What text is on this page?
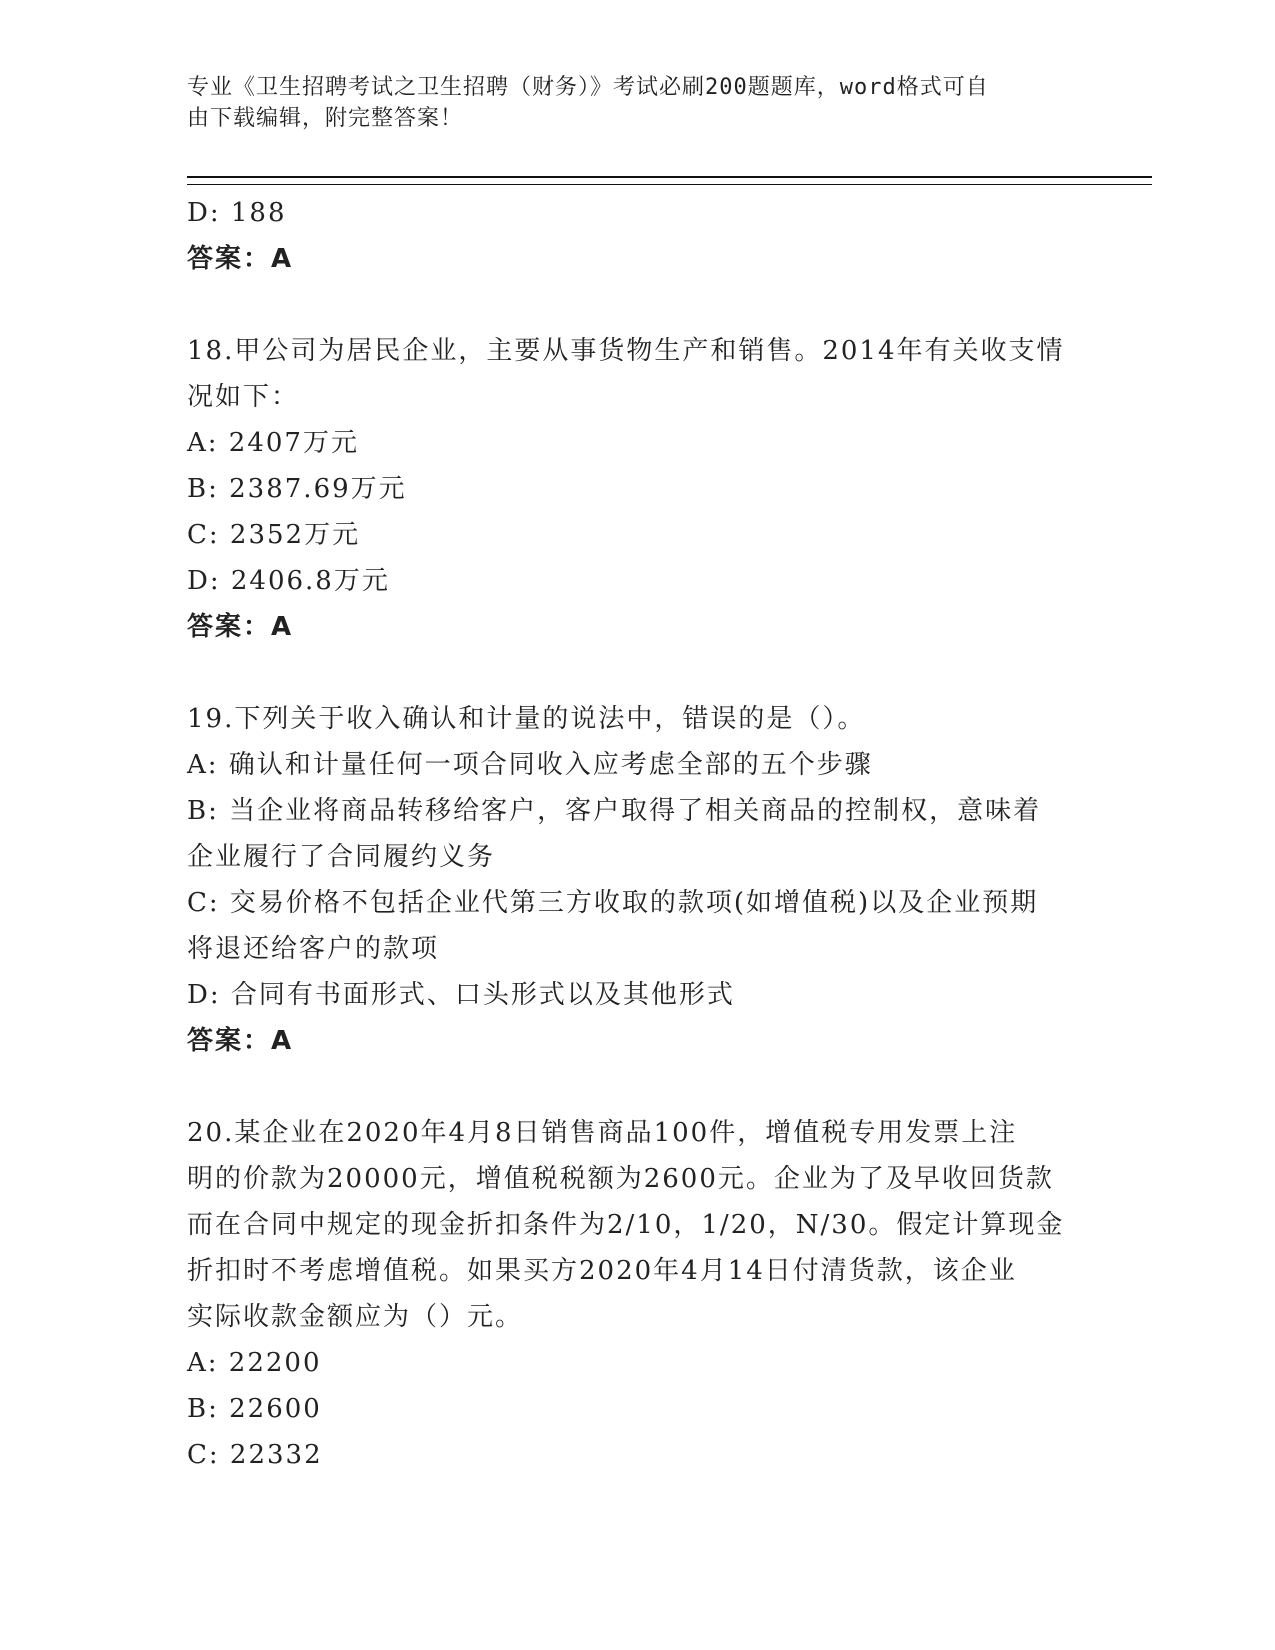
专业《卫生招聘考试之卫生招聘（财务）》考试必刷200题题库，word格式可自
由下载编辑，附完整答案！
D: 188
答案：A
18.甲公司为居民企业，主要从事货物生产和销售。2014年有关收支情
况如下：
A: 2407万元
B: 2387.69万元
C: 2352万元
D: 2406.8万元
答案：A
19.下列关于收入确认和计量的说法中，错误的是（）。
A: 确认和计量任何一项合同收入应考虑全部的五个步骤
B: 当企业将商品转移给客户，客户取得了相关商品的控制权，意味着
企业履行了合同履约义务
C: 交易价格不包括企业代第三方收取的款项(如增值税)以及企业预期
将退还给客户的款项
D: 合同有书面形式、口头形式以及其他形式
答案：A
20.某企业在2020年4月8日销售商品100件，增值税专用发票上注
明的价款为20000元，增值税税额为2600元。企业为了及早收回货款
而在合同中规定的现金折扣条件为2/10，1/20，N/30。假定计算现金
折扣时不考虑增值税。如果买方2020年4月14日付清货款，该企业
实际收款金额应为（）元。
A: 22200
B: 22600
C: 22332
